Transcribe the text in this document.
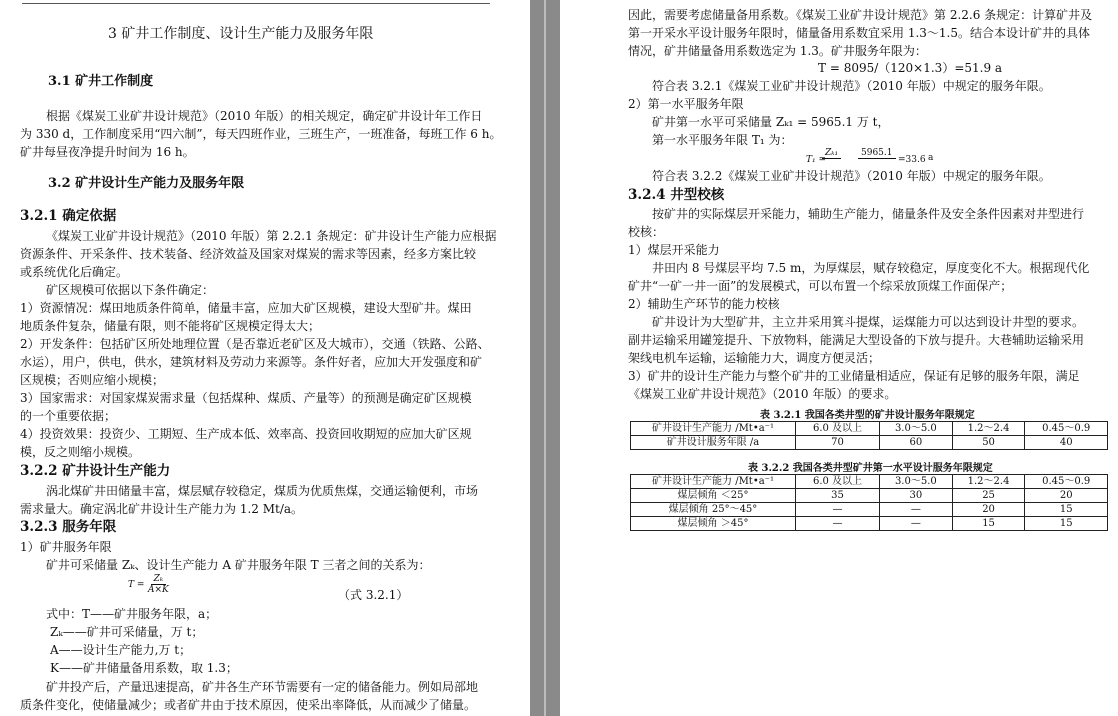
3 矿井工作制度、设计生产能力及服务年限
3.1 矿井工作制度
根据《煤炭工业矿井设计规范》（2010 年版）的相关规定，确定矿井设计年工作日
为 330 d，工作制度采用“四六制”，每天四班作业，三班生产，一班准备，每班工作 6 h。
矿井每昼夜净提升时间为 16 h。
3.2 矿井设计生产能力及服务年限
3.2.1 确定依据
《煤炭工业矿井设计规范》（2010 年版）第 2.2.1 条规定：矿井设计生产能力应根据
资源条件、开采条件、技术装备、经济效益及国家对煤炭的需求等因素，经多方案比较
或系统优化后确定。
矿区规模可依据以下条件确定：
1）资源情况：煤田地质条件简单，储量丰富，应加大矿区规模，建设大型矿井。煤田
地质条件复杂，储量有限，则不能将矿区规模定得太大；
2）开发条件：包括矿区所处地理位置（是否靠近老矿区及大城市），交通（铁路、公路、
水运），用户，供电，供水，建筑材料及劳动力来源等。条件好者，应加大开发强度和矿
区规模；否则应缩小规模；
3）国家需求：对国家煤炭需求量（包括煤种、煤质、产量等）的预测是确定矿区规模
的一个重要依据；
4）投资效果：投资少、工期短、生产成本低、效率高、投资回收期短的应加大矿区规
模，反之则缩小规模。
3.2.2 矿井设计生产能力
涡北煤矿井田储量丰富，煤层赋存较稳定，煤质为优质焦煤，交通运输便利，市场
需求量大。确定涡北矿井设计生产能力为 1.2 Mt/a。
3.2.3 服务年限
1）矿井服务年限
矿井可采储量 Zₖ、设计生产能力 A 矿井服务年限 T 三者之间的关系为：
$T = \frac{\text{Zₖ}}{A\times K}$	（式 3.2.1）
式中：T——矿井服务年限，a；
Zₖ——矿井可采储量，万 t；
A——设计生产能力,万 t；
K——矿井储量备用系数，取 1.3；
矿井投产后，产量迅速提高，矿井各生产环节需要有一定的储备能力。例如局部地
质条件变化，使储量减少；或者矿井由于技术原因，使采出率降低，从而减少了储量。
因此，需要考虑储量备用系数。《煤炭工业矿井设计规范》第 2.2.6 条规定：计算矿井及
第一开采水平设计服务年限时，储量备用系数宜采用 1.3～1.5。结合本设计矿井的具体
情况，矿井储量备用系数选定为 1.3。矿井服务年限为：
T = 8095/（120×1.3）=51.9 a
符合表 3.2.1《煤炭工业矿井设计规范》（2010 年版）中规定的服务年限。
2）第一水平服务年限
矿井第一水平可采储量 Zₖ₁ = 5965.1 万 t，
第一水平服务年限 T₁ 为：
T₁ =
Zₖ₁	5965.1
=33.6 a
符合表 3.2.2《煤炭工业矿井设计规范》（2010 年版）中规定的服务年限。
3.2.4 井型校核
按矿井的实际煤层开采能力，辅助生产能力，储量条件及安全条件因素对井型进行
校核：
1）煤层开采能力
井田内 8 号煤层平均 7.5 m，为厚煤层，赋存较稳定，厚度变化不大。根据现代化
矿井“一矿一井一面”的发展模式，可以布置一个综采放顶煤工作面保产；
2）辅助生产环节的能力校核
矿井设计为大型矿井，主立井采用箕斗提煤，运煤能力可以达到设计井型的要求。
副井运输采用罐笼提升、下放物料，能满足大型设备的下放与提升。大巷辅助运输采用
架线电机车运输，运输能力大，调度方便灵活；
3）矿井的设计生产能力与整个矿井的工业储量相适应，保证有足够的服务年限，满足
《煤炭工业矿井设计规范》（2010 年版）的要求。
表 3.2.1 我国各类井型的矿井设计服务年限规定
矿井设计生产能力 /Mt•a⁻¹	6.0 及以上	3.0～5.0	1.2～2.4	0.45～0.9
矿井设计服务年限 /a	70	60	50	40
表 3.2.2 我国各类井型矿井第一水平设计服务年限规定
矿井设计生产能力 /Mt•a⁻¹	6.0 及以上	3.0～5.0	1.2～2.4	0.45～0.9
煤层倾角 ＜25°	35	30	25	20
煤层倾角 25°～45°	—	—	20	15
煤层倾角 ＞45°	—	—	15	15
